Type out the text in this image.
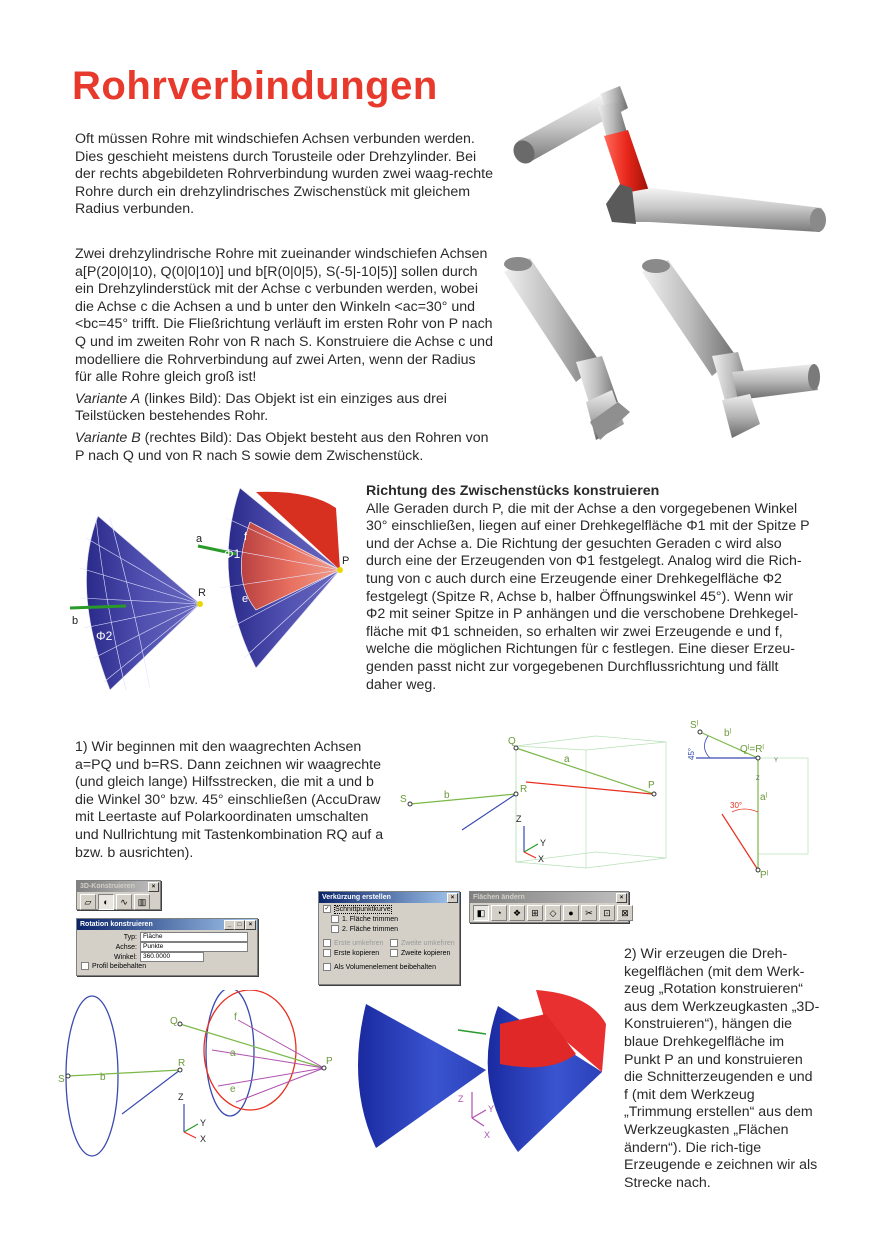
Rohrverbindungen

Oft müssen Rohre mit windschiefen Achsen verbunden werden. Dies geschieht meistens durch Torusteile oder Drehzylinder. Bei der rechts abgebildeten Rohrverbindung wurden zwei waag-rechte Rohre durch ein drehzylindrisches Zwischenstück mit gleichem Radius verbunden.

Zwei drehzylindrische Rohre mit zueinander windschiefen Achsen a[P(20|0|10), Q(0|0|10)] und b[R(0|0|5), S(-5|-10|5)] sollen durch ein Drehzylinderstück mit der Achse c verbunden werden, wobei die Achse c die Achsen a und b unter den Winkeln <ac=30° und <bc=45° trifft. Die Fließrichtung verläuft im ersten Rohr von P nach Q und im zweiten Rohr von R nach S. Konstruiere die Achse c und modelliere die Rohrverbindung auf zwei Arten, wenn der Radius für alle Rohre gleich groß ist!

Variante A (linkes Bild): Das Objekt ist ein einziges aus drei Teilstücken bestehendes Rohr.

Variante B (rechtes Bild): Das Objekt besteht aus den Rohren von P nach Q und von R nach S sowie dem Zwischenstück.

a
b
f
e
R
P
Φ1
Φ2
Richtung des Zwischenstücks konstruieren
Alle Geraden durch P, die mit der Achse a den vorgegebenen Winkel 30° einschließen, liegen auf einer Drehkegelfläche Φ1 mit der Spitze P und der Achse a. Die Richtung der gesuchten Geraden c wird also durch eine der Erzeugenden von Φ1 festgelegt. Analog wird die Rich-tung von c auch durch eine Erzeugende einer Drehkegelfläche Φ2 festgelegt (Spitze R, Achse b, halber Öffnungswinkel 45°). Wenn wir Φ2 mit seiner Spitze in P anhängen und die verschobene Drehkegel-fläche mit Φ1 schneiden, so erhalten wir zwei Erzeugende e und f, welche die möglichen Richtungen für c festlegen. Eine dieser Erzeu-genden passt nicht zur vorgegebenen Durchflussrichtung und fällt daher weg.

1) Wir beginnen mit den waagrechten Achsen a=PQ und b=RS. Dann zeichnen wir waagrechte (und gleich lange) Hilfsstrecken, die mit a und b die Winkel 30° bzw. 45° einschließen (AccuDraw mit Leertaste auf Polarkoordinaten umschalten und Nullrichtung mit Tastenkombination RQ auf a bzw. b ausrichten).

Q
a
P
S	b
R
Z
Y
X
Sˡ
bˡ
Qˡ=Rˡ
aˡ
Pˡ
45°
30°
Y
Z
3D-Konstruieren	×
▱ ◐ ∿ ▥
Rotation konstruieren	_	□	×
Typ: Fläche
Achse: Punkte
Winkel: 360.0000
Profil beibehalten
Verkürzung erstellen	×
✓ Schnittpunktkurve
1. Fläche trimmen
2. Fläche trimmen
Erste umkehren	Zweite umkehren
Erste kopieren	Zweite kopieren
Als Volumenelement beibehalten
Flächen ändern	×
◧ ◔ ❖ ⊞ ◇ ● ✂ ⊡ ⊠

2) Wir erzeugen die Dreh-kegelflächen (mit dem Werk-zeug „Rotation konstruieren“ aus dem Werkzeugkasten „3D-Konstruieren“), hängen die blaue Drehkegelfläche im Punkt P an und konstruieren die Schnitterzeugenden e und f (mit dem Werkzeug „Trimmung erstellen“ aus dem Werkzeugkasten „Flächen ändern“). Die rich-tige Erzeugende e zeichnen wir als Strecke nach.

Q	f
a
P
S	b
R
e
Z
Y
X
Z
Y
X
